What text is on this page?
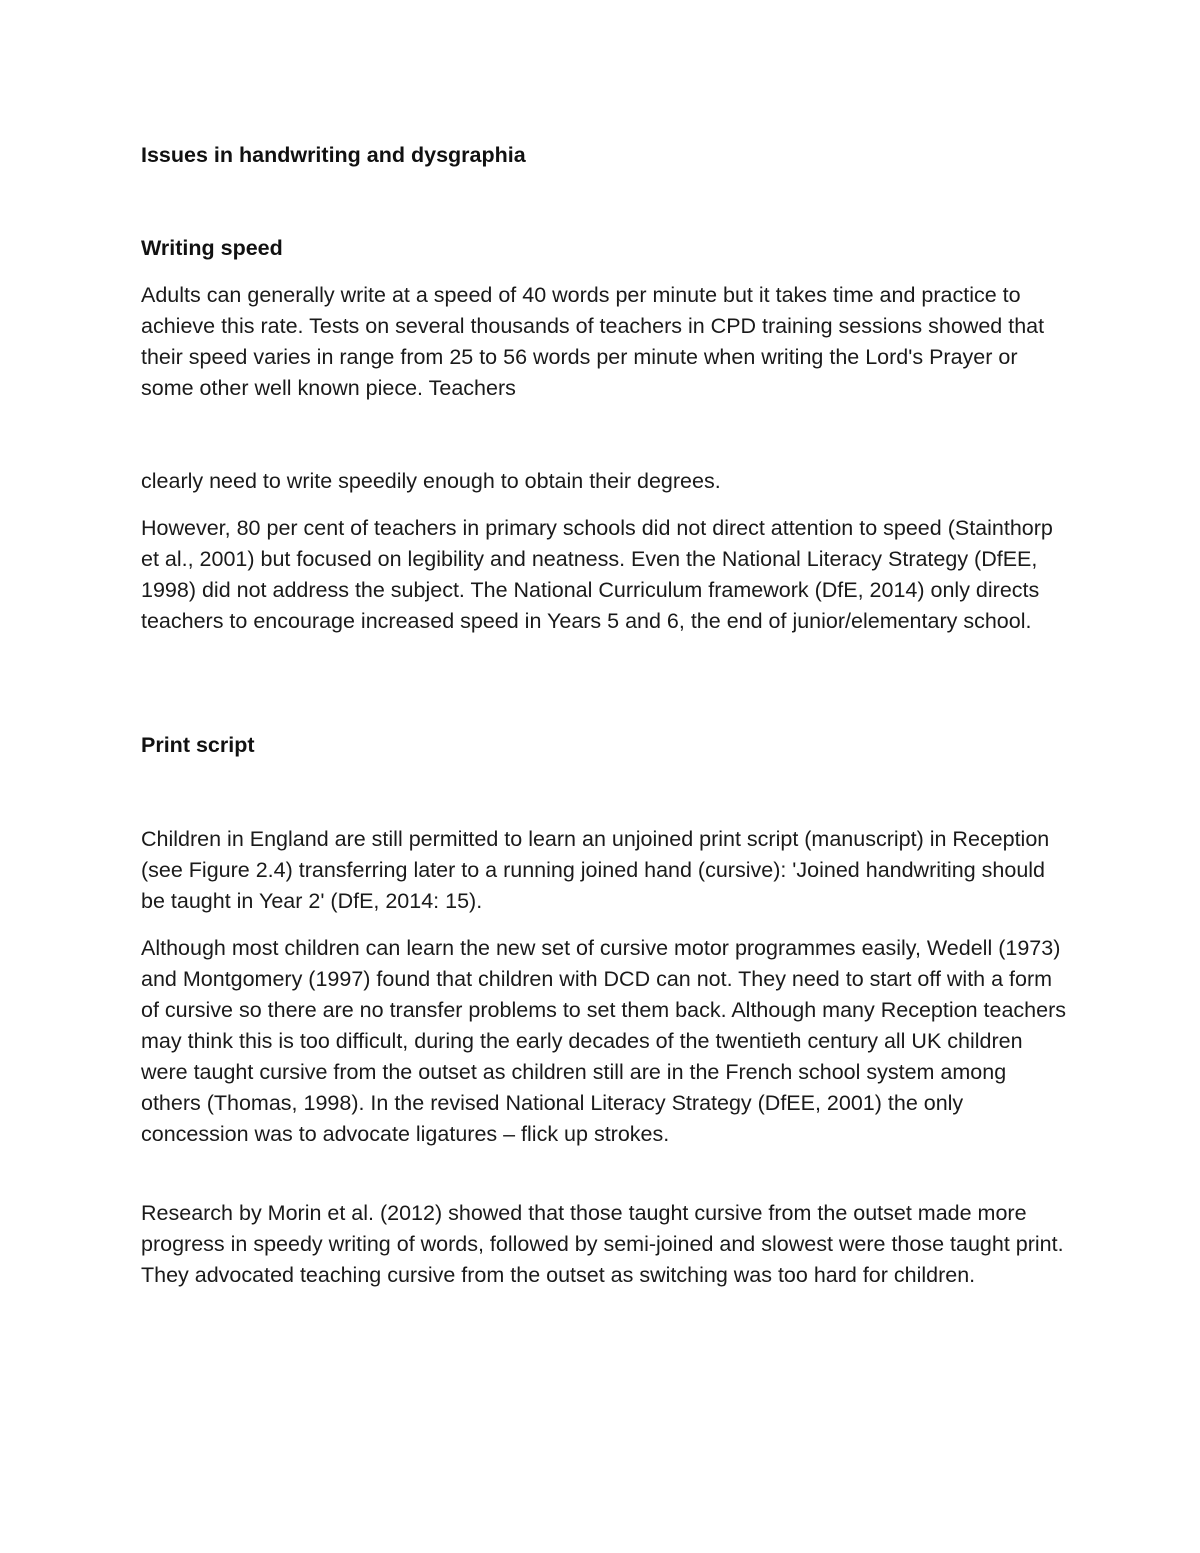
Issues in handwriting and dysgraphia
Writing speed

Adults can generally write at a speed of 40 words per minute but it takes time and practice to achieve this rate. Tests on several thousands of teachers in CPD training sessions showed that their speed varies in range from 25 to 56 words per minute when writing the Lord's Prayer or some other well known piece. Teachers

clearly need to write speedily enough to obtain their degrees.

However, 80 per cent of teachers in primary schools did not direct attention to speed (Stainthorp et al., 2001) but focused on legibility and neatness. Even the National Literacy Strategy (DfEE, 1998) did not address the subject. The National Curriculum framework (DfE, 2014) only directs teachers to encourage increased speed in Years 5 and 6, the end of junior/elementary school.

Print script

Children in England are still permitted to learn an unjoined print script (manuscript) in Reception (see Figure 2.4) transferring later to a running joined hand (cursive): 'Joined handwriting should be taught in Year 2' (DfE, 2014: 15).

Although most children can learn the new set of cursive motor programmes easily, Wedell (1973) and Montgomery (1997) found that children with DCD can not. They need to start off with a form of cursive so there are no transfer problems to set them back. Although many Reception teachers may think this is too difficult, during the early decades of the twentieth century all UK children were taught cursive from the outset as children still are in the French school system among others (Thomas, 1998). In the revised National Literacy Strategy (DfEE, 2001) the only concession was to advocate ligatures – flick up strokes.

Research by Morin et al. (2012) showed that those taught cursive from the outset made more progress in speedy writing of words, followed by semi-joined and slowest were those taught print. They advocated teaching cursive from the outset as switching was too hard for children.
